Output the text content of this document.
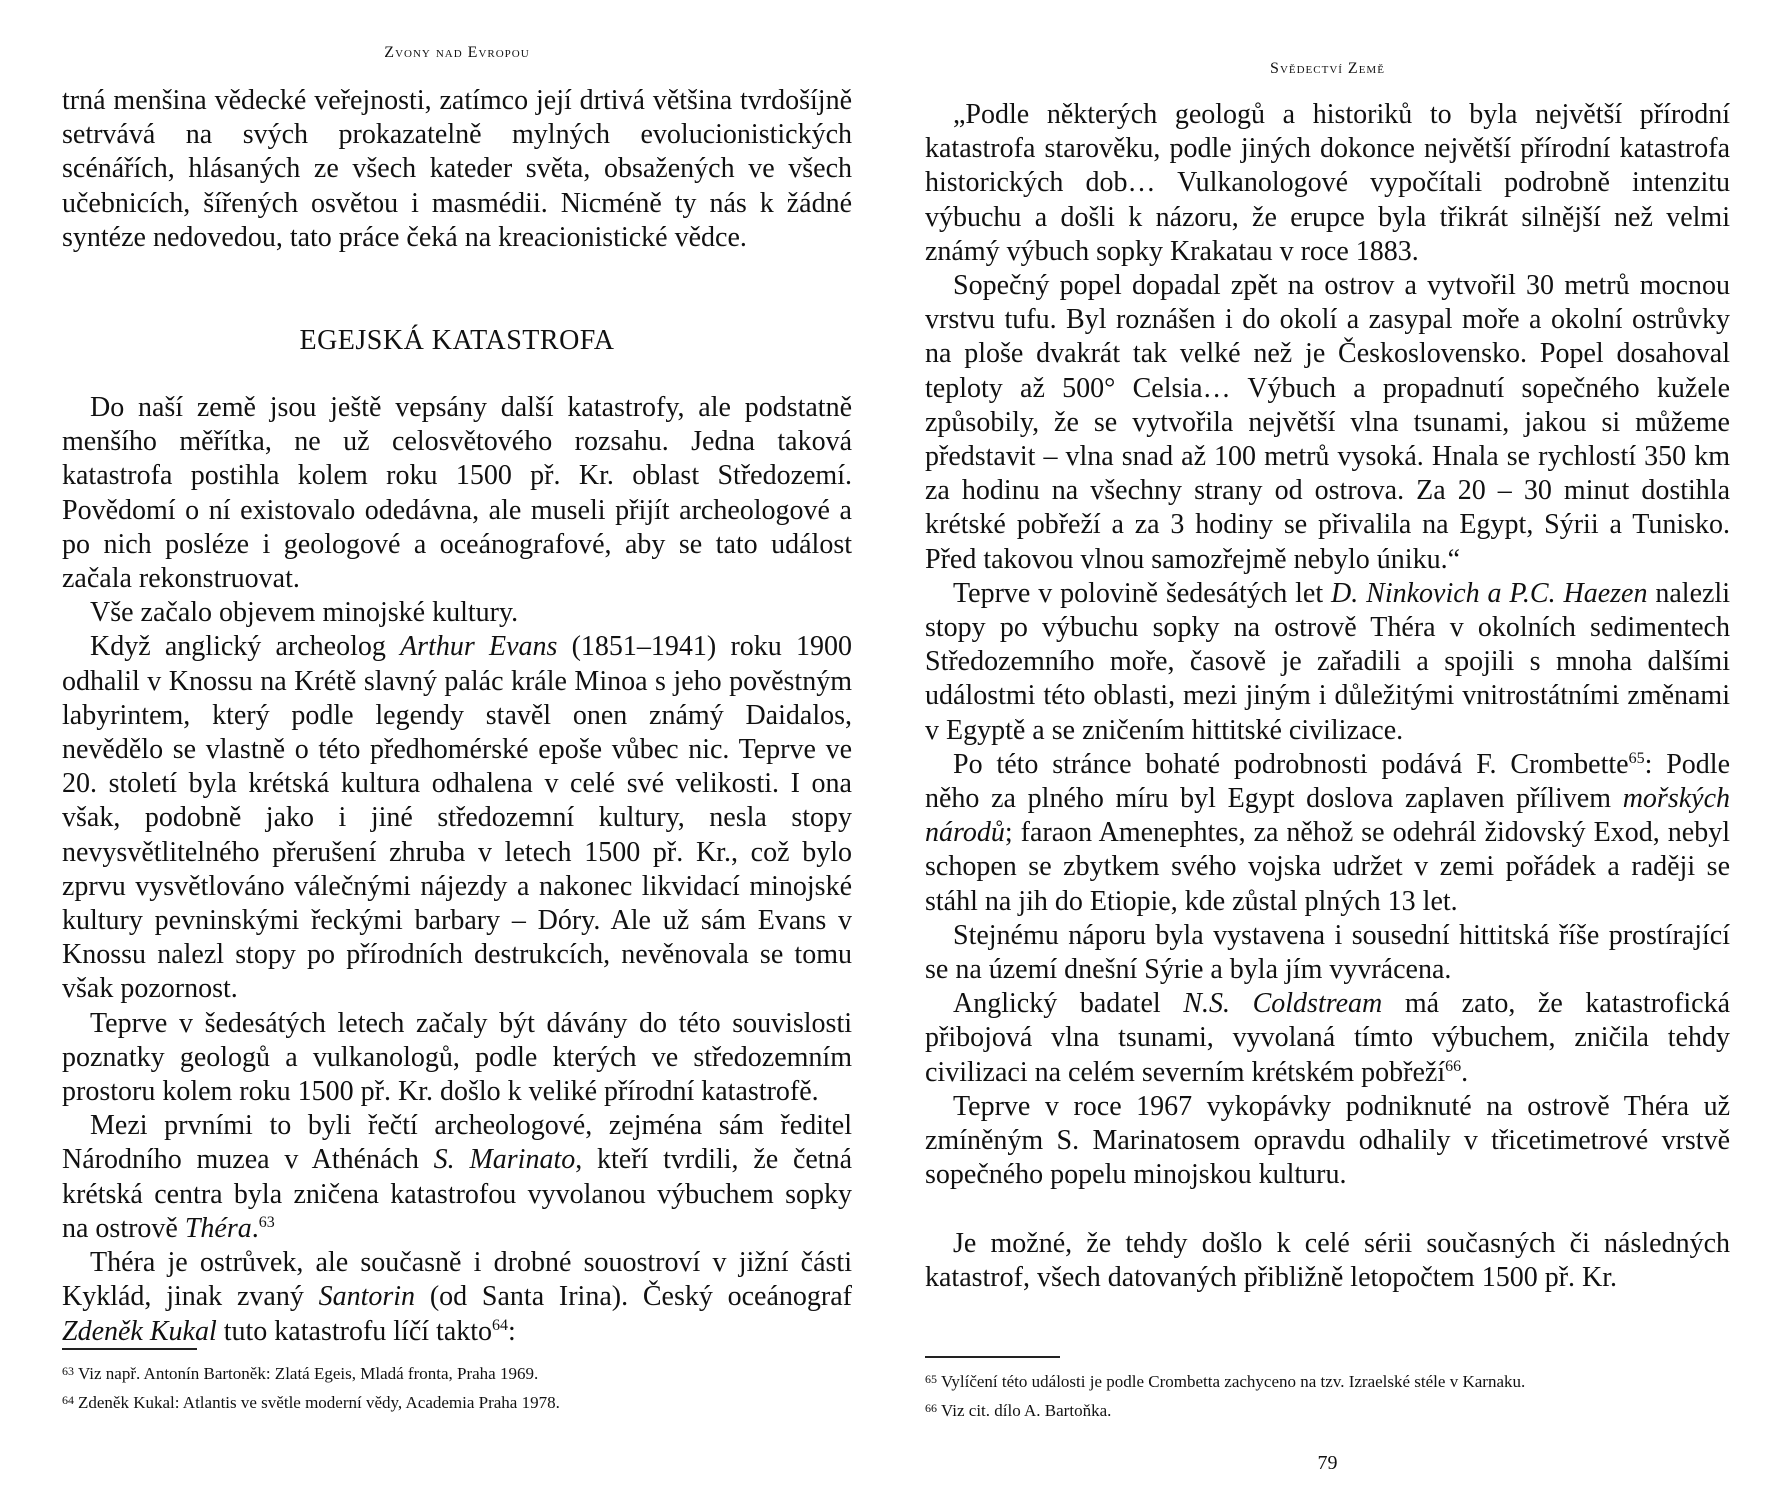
Zvony nad Evropou

trná menšina vědecké veřejnosti, zatímco její drtivá většina tvrdošíjně setrvává na svých prokazatelně mylných evolucionistických scénářích, hlásaných ze všech kateder světa, obsažených ve všech učebnicích, šířených osvětou i masmédii. Nicméně ty nás k žádné syntéze nedovedou, tato práce čeká na kreacionistické vědce.

EGEJSKÁ KATASTROFA

Do naší země jsou ještě vepsány další katastrofy, ale podstatně menšího měřítka, ne už celosvětového rozsahu. Jedna taková katastrofa postihla kolem roku 1500 př. Kr. oblast Středozemí. Povědomí o ní existovalo odedávna, ale museli přijít archeologové a po nich posléze i geologové a oceánografové, aby se tato událost začala rekonstruovat.

Vše začalo objevem minojské kultury.

Když anglický archeolog Arthur Evans (1851–1941) roku 1900 odhalil v Knossu na Krétě slavný palác krále Minoa s jeho pověstným labyrintem, který podle legendy stavěl onen známý Daidalos, nevědělo se vlastně o této předhomérské epoše vůbec nic. Teprve ve 20. století byla krétská kultura odhalena v celé své velikosti. I ona však, podobně jako i jiné středozemní kultury, nesla stopy nevysvětlitelného přerušení zhruba v letech 1500 př. Kr., což bylo zprvu vysvětlováno válečnými nájezdy a nakonec likvidací minojské kultury pevninskými řeckými barbary – Dóry. Ale už sám Evans v Knossu nalezl stopy po přírodních destrukcích, nevěnovala se tomu však pozornost.

Teprve v šedesátých letech začaly být dávány do této souvislosti poznatky geologů a vulkanologů, podle kterých ve středozemním prostoru kolem roku 1500 př. Kr. došlo k veliké přírodní katastrofě.

Mezi prvními to byli řečtí archeologové, zejména sám ředitel Národního muzea v Athénách S. Marinato, kteří tvrdili, že četná krétská centra byla zničena katastrofou vyvolanou výbuchem sopky na ostrově Théra.$^{63}$

Théra je ostrůvek, ale současně i drobné souostroví v jižní části Kyklád, jinak zvaný Santorin (od Santa Irina). Český oceánograf Zdeněk Kukal tuto katastrofu líčí takto$^{64}$:

$^{63}$ Viz např. Antonín Bartoněk: Zlatá Egeis, Mladá fronta, Praha 1969.
$^{64}$ Zdeněk Kukal: Atlantis ve světle moderní vědy, Academia Praha 1978.
Svědectví Země

„Podle některých geologů a historiků to byla největší přírodní katastrofa starověku, podle jiných dokonce největší přírodní katastrofa historických dob… Vulkanologové vypočítali podrobně intenzitu výbuchu a došli k názoru, že erupce byla třikrát silnější než velmi známý výbuch sopky Krakatau v roce 1883.

Sopečný popel dopadal zpět na ostrov a vytvořil 30 metrů mocnou vrstvu tufu. Byl roznášen i do okolí a zasypal moře a okolní ostrůvky na ploše dvakrát tak velké než je Československo. Popel dosahoval teploty až 500° Celsia… Výbuch a propadnutí sopečného kužele způsobily, že se vytvořila největší vlna tsunami, jakou si můžeme představit – vlna snad až 100 metrů vysoká. Hnala se rychlostí 350 km za hodinu na všechny strany od ostrova. Za 20 – 30 minut dostihla krétské pobřeží a za 3 hodiny se přivalila na Egypt, Sýrii a Tunisko. Před takovou vlnou samozřejmě nebylo úniku.“

Teprve v polovině šedesátých let D. Ninkovich a P.C. Haezen nalezli stopy po výbuchu sopky na ostrově Théra v okolních sedimentech Středozemního moře, časově je zařadili a spojili s mnoha dalšími událostmi této oblasti, mezi jiným i důležitými vnitrostátními změnami v Egyptě a se zničením hittitské civilizace.

Po této stránce bohaté podrobnosti podává F. Crombette$^{65}$: Podle něho za plného míru byl Egypt doslova zaplaven přílivem mořských národů; faraon Amenephtes, za něhož se odehrál židovský Exod, nebyl schopen se zbytkem svého vojska udržet v zemi pořádek a raději se stáhl na jih do Etiopie, kde zůstal plných 13 let.

Stejnému náporu byla vystavena i sousední hittitská říše prostírající se na území dnešní Sýrie a byla jím vyvrácena.

Anglický badatel N.S. Coldstream má zato, že katastrofická přibojová vlna tsunami, vyvolaná tímto výbuchem, zničila tehdy civilizaci na celém severním krétském pobřeží$^{66}$.

Teprve v roce 1967 vykopávky podniknuté na ostrově Théra už zmíněným S. Marinatosem opravdu odhalily v třicetimetrové vrstvě sopečného popelu minojskou kulturu.

Je možné, že tehdy došlo k celé sérii současných či následných katastrof, všech datovaných přibližně letopočtem 1500 př. Kr.

$^{65}$ Vylíčení této události je podle Crombetta zachyceno na tzv. Izraelské stéle v Karnaku.
$^{66}$ Viz cit. dílo A. Bartoňka.
79
